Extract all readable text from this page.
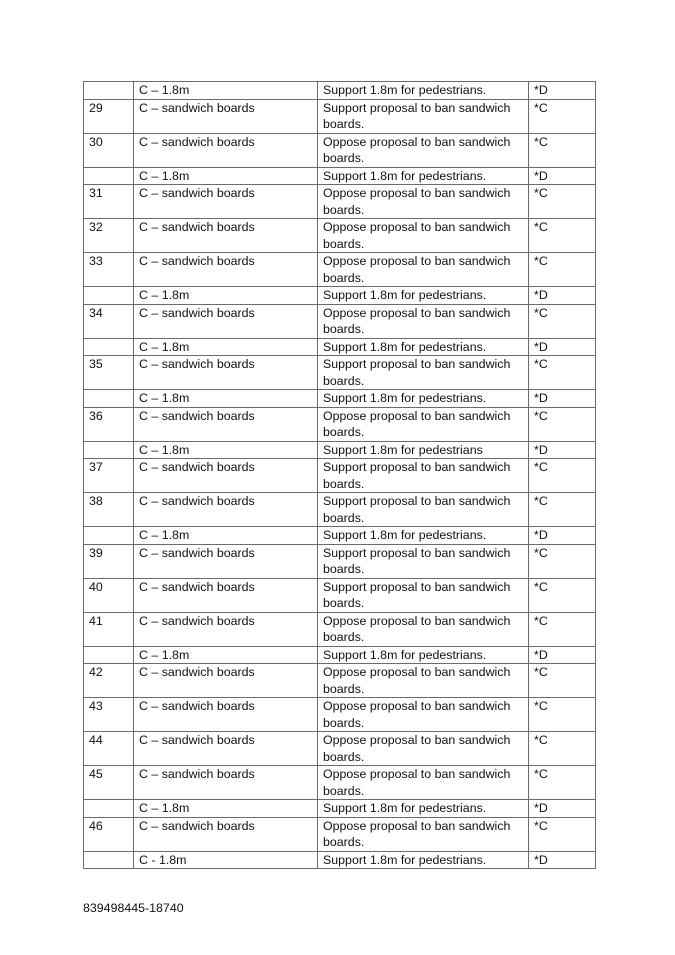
	C – 1.8m	Support 1.8m for pedestrians.	*D
29	C – sandwich boards	Support proposal to ban sandwich boards.	*C
30	C – sandwich boards	Oppose proposal to ban sandwich boards.	*C
	C – 1.8m	Support 1.8m for pedestrians.	*D
31	C – sandwich boards	Oppose proposal to ban sandwich boards.	*C
32	C – sandwich boards	Oppose proposal to ban sandwich boards.	*C
33	C – sandwich boards	Oppose proposal to ban sandwich boards.	*C
	C – 1.8m	Support 1.8m for pedestrians.	*D
34	C – sandwich boards	Oppose proposal to ban sandwich boards.	*C
	C – 1.8m	Support 1.8m for pedestrians.	*D
35	C – sandwich boards	Support proposal to ban sandwich boards.	*C
	C – 1.8m	Support 1.8m for pedestrians.	*D
36	C – sandwich boards	Oppose proposal to ban sandwich boards.	*C
	C – 1.8m	Support 1.8m for pedestrians	*D
37	C – sandwich boards	Support proposal to ban sandwich boards.	*C
38	C – sandwich boards	Support proposal to ban sandwich boards.	*C
	C – 1.8m	Support 1.8m for pedestrians.	*D
39	C – sandwich boards	Support proposal to ban sandwich boards.	*C
40	C – sandwich boards	Support proposal to ban sandwich boards.	*C
41	C – sandwich boards	Oppose proposal to ban sandwich boards.	*C
	C – 1.8m	Support 1.8m for pedestrians.	*D
42	C – sandwich boards	Oppose proposal to ban sandwich boards.	*C
43	C – sandwich boards	Oppose proposal to ban sandwich boards.	*C
44	C – sandwich boards	Oppose proposal to ban sandwich boards.	*C
45	C – sandwich boards	Oppose proposal to ban sandwich boards.	*C
	C – 1.8m	Support 1.8m for pedestrians.	*D
46	C – sandwich boards	Oppose proposal to ban sandwich boards.	*C
	C - 1.8m	Support 1.8m for pedestrians.	*D
839498445-18740
